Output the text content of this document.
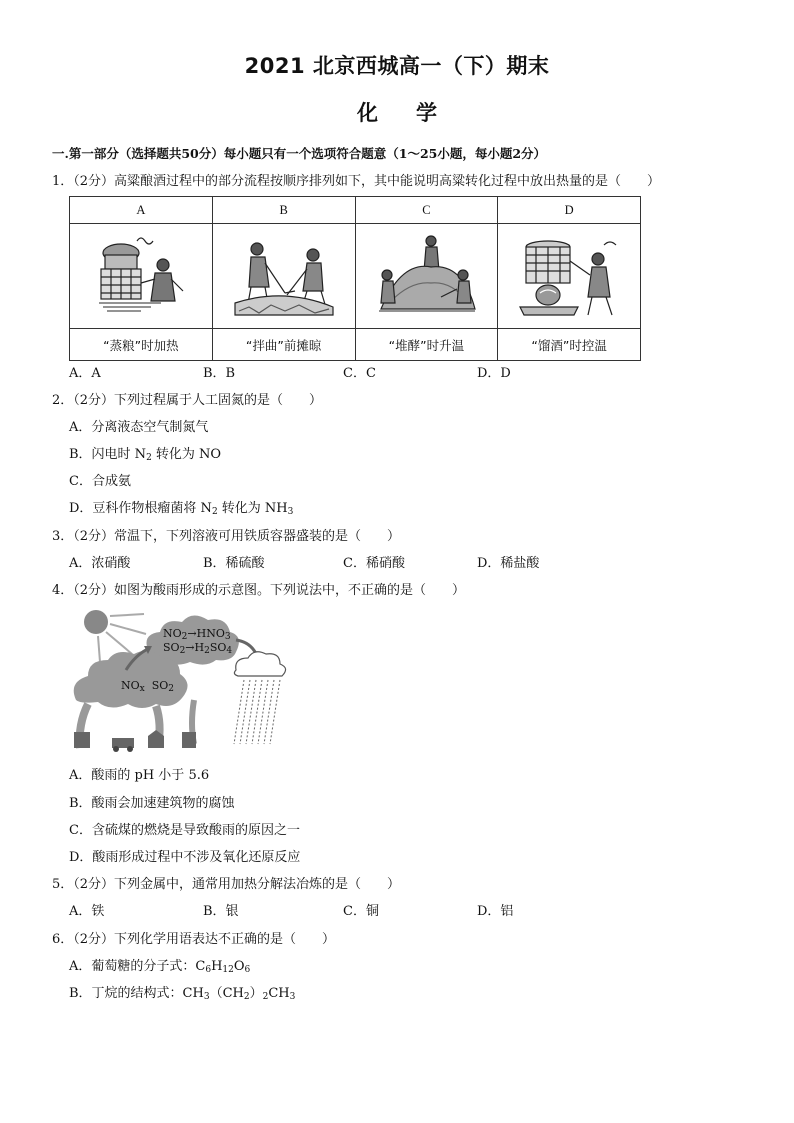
2021 北京西城高一（下）期末
化学
一.第一部分（选择题共50分）每小题只有一个选项符合题意（1～25小题，每小题2分）
1．（2分）高粱酿酒过程中的部分流程按顺序排列如下，其中能说明高粱转化过程中放出热量的是（　　）
A	B	C	D

“蒸粮”时加热	“拌曲”前摊晾	“堆酵”时升温	“馏酒”时控温
A．A	B．B	C．C	D．D
2．（2分）下列过程属于人工固氮的是（　　）
A．分离液态空气制氮气
B．闪电时 $N_2$ 转化为 NO
C．合成氨
D．豆科作物根瘤菌将 $N_2$ 转化为 $NH_3$
3．（2分）常温下，下列溶液可用铁质容器盛装的是（　　）
A．浓硝酸	B．稀硫酸	C．稀硝酸	D．稀盐酸
4．（2分）如图为酸雨形成的示意图。下列说法中，不正确的是（　　）
$NO_2\to HNO_3$
$SO_2\to H_2SO_4$
$NO_x$ $SO_2$
A．酸雨的 pH 小于 5.6
B．酸雨会加速建筑物的腐蚀
C．含硫煤的燃烧是导致酸雨的原因之一
D．酸雨形成过程中不涉及氧化还原反应
5．（2分）下列金属中，通常用加热分解法冶炼的是（　　）
A．铁	B．银	C．铜	D．铝
6．（2分）下列化学用语表达不正确的是（　　）
A．葡萄糖的分子式：$C_6H_{12}O_6$
B．丁烷的结构式：$CH_3(CH_2)_2CH_3$
